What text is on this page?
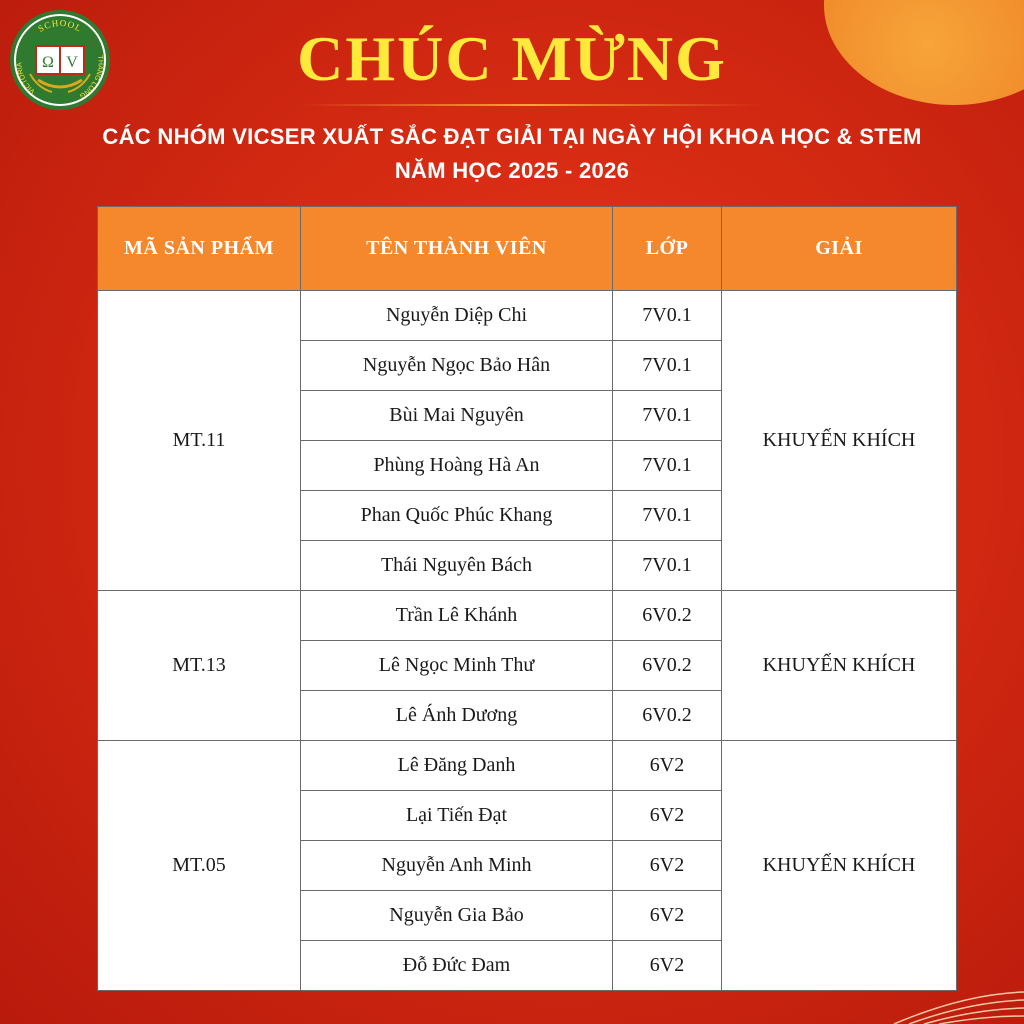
SCHOOL
VICTORIA
THĂNG LONG
Ω V	CHÚC MỪNG
CÁC NHÓM VICSER XUẤT SẮC ĐẠT GIẢI TẠI NGÀY HỘI KHOA HỌC & STEM
NĂM HỌC 2025 - 2026
MÃ SẢN PHẨM	TÊN THÀNH VIÊN	LỚP	GIẢI
MT.11	Nguyễn Diệp Chi	7V0.1	KHUYẾN KHÍCH
	Nguyễn Ngọc Bảo Hân	7V0.1	
	Bùi Mai Nguyên	7V0.1	
	Phùng Hoàng Hà An	7V0.1	
	Phan Quốc Phúc Khang	7V0.1	
	Thái Nguyên Bách	7V0.1	
MT.13	Trần Lê Khánh	6V0.2	KHUYẾN KHÍCH
	Lê Ngọc Minh Thư	6V0.2	
	Lê Ánh Dương	6V0.2	
MT.05	Lê Đăng Danh	6V2	KHUYẾN KHÍCH
	Lại Tiến Đạt	6V2	
	Nguyễn Anh Minh	6V2	
	Nguyễn Gia Bảo	6V2	
	Đỗ Đức Đam	6V2	
